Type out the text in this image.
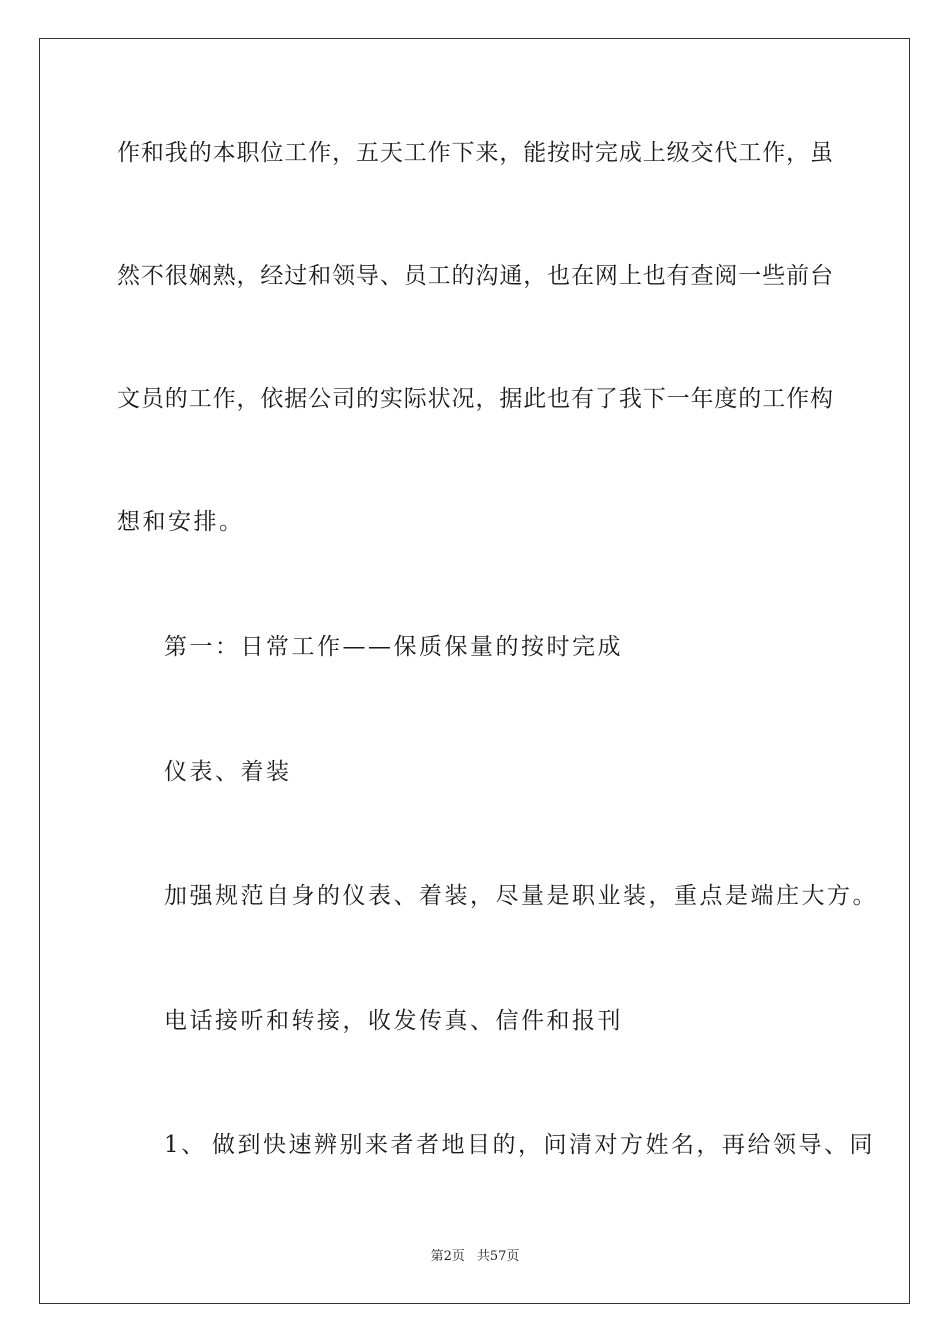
作和我的本职位工作，五天工作下来，能按时完成上级交代工作，虽
然不很娴熟，经过和领导、员工的沟通，也在网上也有查阅一些前台
文员的工作，依据公司的实际状况，据此也有了我下一年度的工作构
想和安排。
第一：日常工作——保质保量的按时完成
仪表、着装
加强规范自身的仪表、着装，尽量是职业装，重点是端庄大方。
电话接听和转接，收发传真、信件和报刊
1、 做到快速辨别来者者地目的，问清对方姓名，再给领导、同
第2页 共57页
